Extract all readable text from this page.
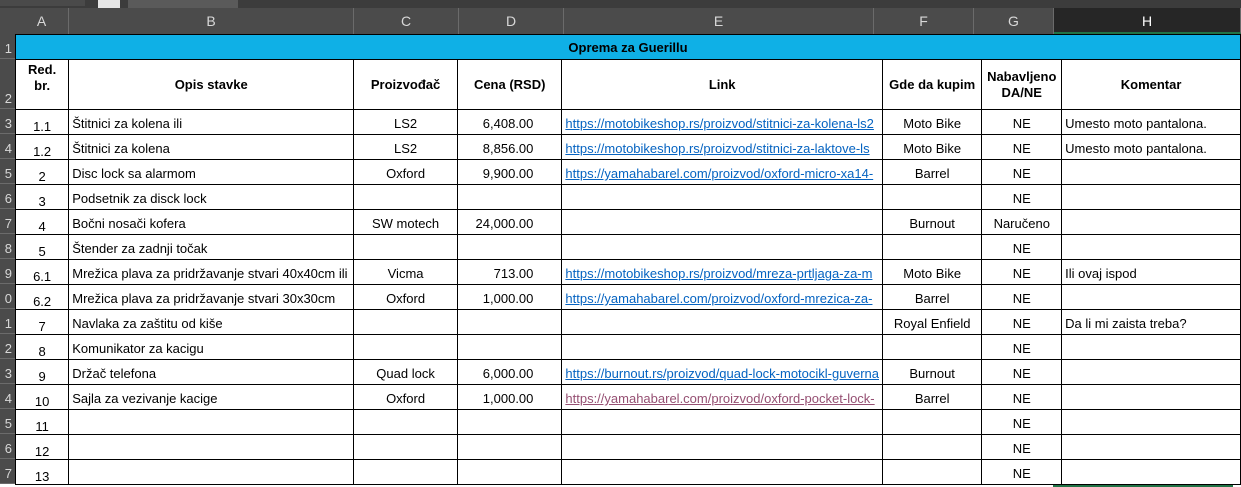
A	B	C	D	E	F	G	H
1
2
3
4
5
6
7
8
9
0
1
2
3
4
5
6
7
Oprema za Guerillu							
Red. br.	Opis stavke	Proizvođač	Cena (RSD)	Link	Gde da kupim	Nabavljeno DA/NE	Komentar
1.1	Štitnici za kolena ili	LS2	6,408.00	https://motobikeshop.rs/proizvod/stitnici-za-kolena-ls2	Moto Bike	NE	Umesto moto pantalona.
1.2	Štitnici za kolena	LS2	8,856.00	https://motobikeshop.rs/proizvod/stitnici-za-laktove-ls	Moto Bike	NE	Umesto moto pantalona.
2	Disc lock sa alarmom	Oxford	9,900.00	https://yamahabarel.com/proizvod/oxford-micro-xa14-	Barrel	NE	
3	Podsetnik za disck lock					NE	
4	Bočni nosači kofera	SW motech	24,000.00		Burnout	Naručeno	
5	Štender za zadnji točak					NE	
6.1	Mrežica plava za pridržavanje stvari 40x40cm ili	Vicma	713.00	https://motobikeshop.rs/proizvod/mreza-prtljaga-za-m	Moto Bike	NE	Ili ovaj ispod
6.2	Mrežica plava za pridržavanje stvari 30x30cm	Oxford	1,000.00	https://yamahabarel.com/proizvod/oxford-mrezica-za-	Barrel	NE	
7	Navlaka za zaštitu od kiše				Royal Enfield	NE	Da li mi zaista treba?
8	Komunikator za kacigu					NE	
9	Držač telefona	Quad lock	6,000.00	https://burnout.rs/proizvod/quad-lock-motocikl-guverna	Burnout	NE	
10	Sajla za vezivanje kacige	Oxford	1,000.00	https://yamahabarel.com/proizvod/oxford-pocket-lock-	Barrel	NE	
11						NE	
12						NE	
13						NE	
